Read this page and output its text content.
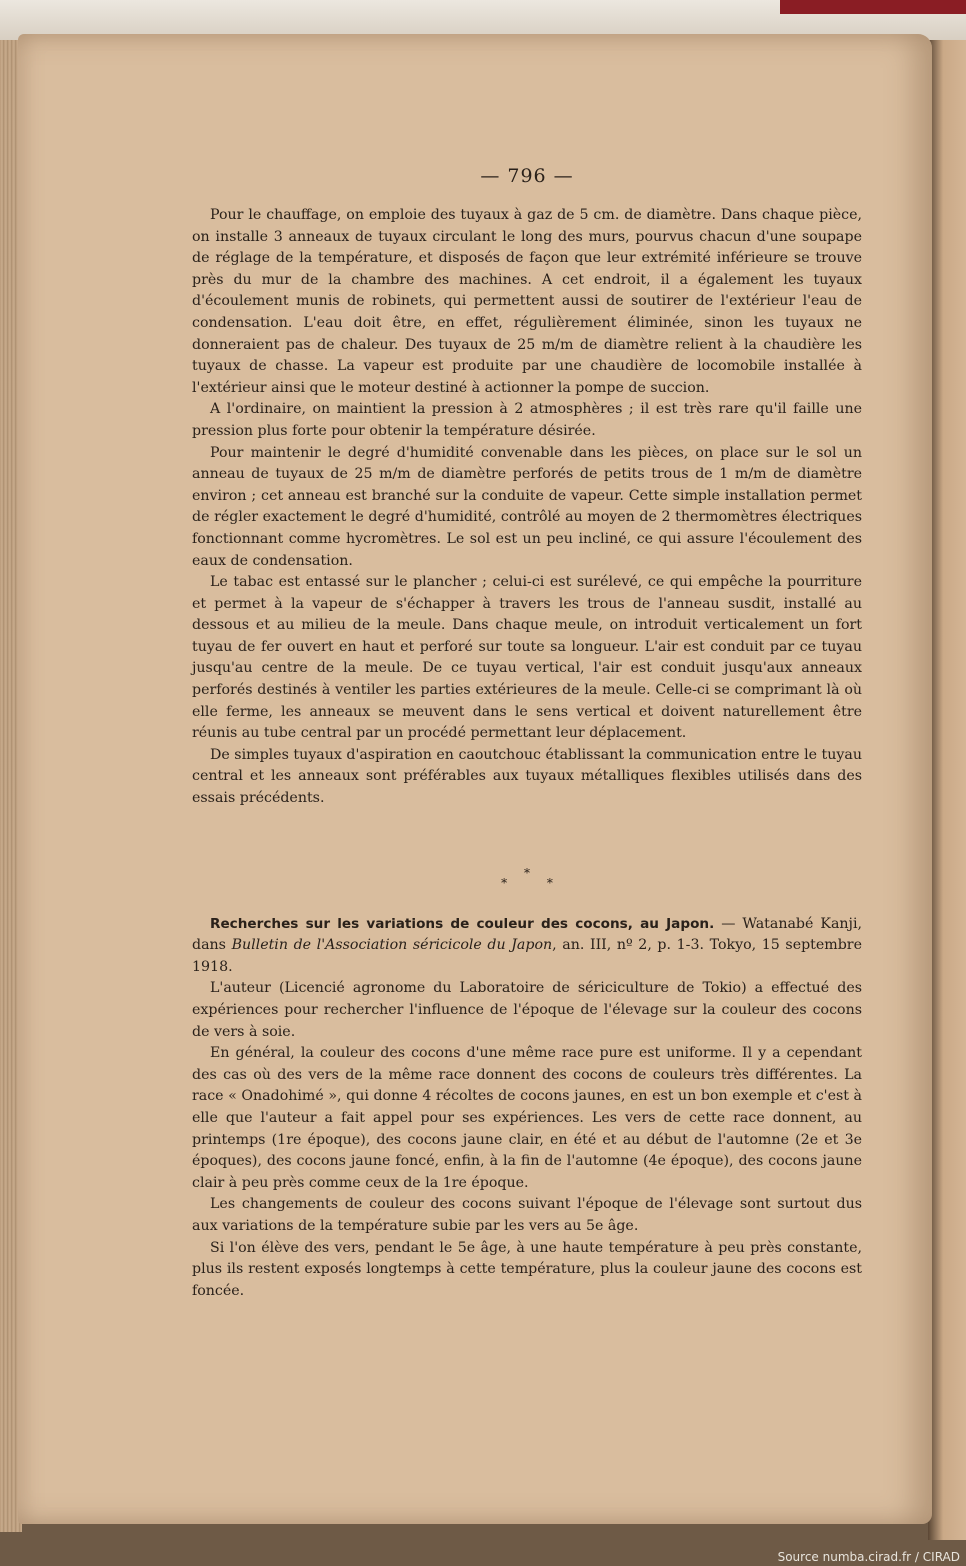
— 796 —

Pour le chauffage, on emploie des tuyaux à gaz de 5 cm. de diamètre. Dans chaque pièce, on installe 3 anneaux de tuyaux circulant le long des murs, pourvus chacun d'une soupape de réglage de la température, et disposés de façon que leur extrémité inférieure se trouve près du mur de la chambre des machines. A cet endroit, il a également les tuyaux d'écoulement munis de robinets, qui permettent aussi de soutirer de l'extérieur l'eau de condensation. L'eau doit être, en effet, régulièrement éliminée, sinon les tuyaux ne donneraient pas de chaleur. Des tuyaux de 25 m/m de diamètre relient à la chaudière les tuyaux de chasse. La vapeur est produite par une chaudière de locomobile installée à l'extérieur ainsi que le moteur destiné à actionner la pompe de succion.

A l'ordinaire, on maintient la pression à 2 atmosphères ; il est très rare qu'il faille une pression plus forte pour obtenir la température désirée.

Pour maintenir le degré d'humidité convenable dans les pièces, on place sur le sol un anneau de tuyaux de 25 m/m de diamètre perforés de petits trous de 1 m/m de diamètre environ ; cet anneau est branché sur la conduite de vapeur. Cette simple installation permet de régler exactement le degré d'humidité, contrôlé au moyen de 2 thermomètres électriques fonctionnant comme hycromètres. Le sol est un peu incliné, ce qui assure l'écoulement des eaux de condensation.

Le tabac est entassé sur le plancher ; celui-ci est surélevé, ce qui empêche la pourriture et permet à la vapeur de s'échapper à travers les trous de l'anneau susdit, installé au dessous et au milieu de la meule. Dans chaque meule, on introduit verticalement un fort tuyau de fer ouvert en haut et perforé sur toute sa longueur. L'air est conduit par ce tuyau jusqu'au centre de la meule. De ce tuyau vertical, l'air est conduit jusqu'aux anneaux perforés destinés à ventiler les parties extérieures de la meule. Celle-ci se comprimant là où elle ferme, les anneaux se meuvent dans le sens vertical et doivent naturellement être réunis au tube central par un procédé permettant leur déplacement.

De simples tuyaux d'aspiration en caoutchouc établissant la communication entre le tuyau central et les anneaux sont préférables aux tuyaux métalliques flexibles utilisés dans des essais précédents.

*
* *

Recherches sur les variations de couleur des cocons, au Japon. — Watanabé Kanji, dans Bulletin de l'Association séricicole du Japon, an. III, nº 2, p. 1-3. Tokyo, 15 septembre 1918.

L'auteur (Licencié agronome du Laboratoire de sériciculture de Tokio) a effectué des expériences pour rechercher l'influence de l'époque de l'élevage sur la couleur des cocons de vers à soie.

En général, la couleur des cocons d'une même race pure est uniforme. Il y a cependant des cas où des vers de la même race donnent des cocons de couleurs très différentes. La race « Onadohimé », qui donne 4 récoltes de cocons jaunes, en est un bon exemple et c'est à elle que l'auteur a fait appel pour ses expériences. Les vers de cette race donnent, au printemps (1re époque), des cocons jaune clair, en été et au début de l'automne (2e et 3e époques), des cocons jaune foncé, enfin, à la fin de l'automne (4e époque), des cocons jaune clair à peu près comme ceux de la 1re époque.

Les changements de couleur des cocons suivant l'époque de l'élevage sont surtout dus aux variations de la température subie par les vers au 5e âge.

Si l'on élève des vers, pendant le 5e âge, à une haute température à peu près constante, plus ils restent exposés longtemps à cette température, plus la couleur jaune des cocons est foncée.

Source numba.cirad.fr / CIRAD
